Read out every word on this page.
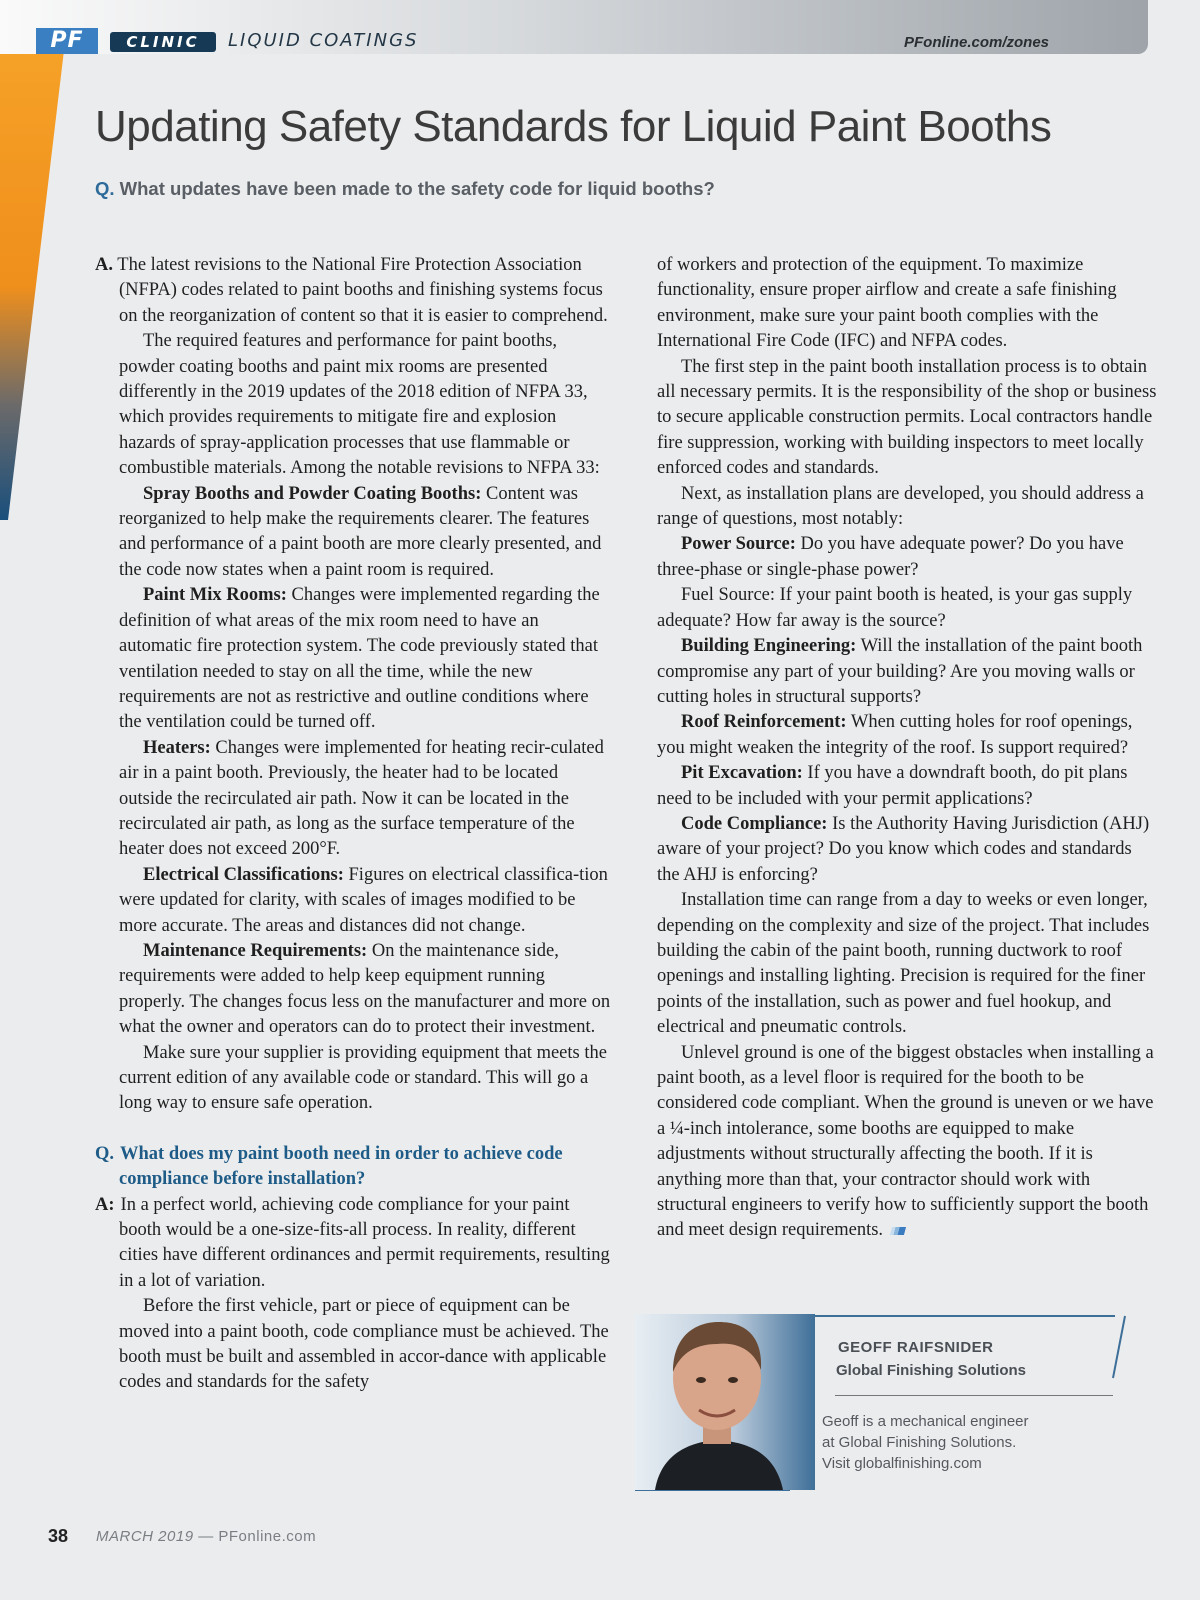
PF	CLINIC	LIQUID COATINGS	PFonline.com/zones
Updating Safety Standards for Liquid Paint Booths
Q. What updates have been made to the safety code for liquid booths?

A. The latest revisions to the National Fire Protection Association (NFPA) codes related to paint booths and finishing systems focus on the reorganization of content so that it is easier to comprehend.

The required features and performance for paint booths, powder coating booths and paint mix rooms are presented differently in the 2019 updates of the 2018 edition of NFPA 33, which provides requirements to mitigate fire and explosion hazards of spray-application processes that use flammable or combustible materials. Among the notable revisions to NFPA 33:

Spray Booths and Powder Coating Booths: Content was reorganized to help make the requirements clearer. The features and performance of a paint booth are more clearly presented, and the code now states when a paint room is required.

Paint Mix Rooms: Changes were implemented regarding the definition of what areas of the mix room need to have an automatic fire protection system. The code previously stated that ventilation needed to stay on all the time, while the new requirements are not as restrictive and outline conditions where the ventilation could be turned off.

Heaters: Changes were implemented for heating recir-culated air in a paint booth. Previously, the heater had to be located outside the recirculated air path. Now it can be located in the recirculated air path, as long as the surface temperature of the heater does not exceed 200°F.

Electrical Classifications: Figures on electrical classifica-tion were updated for clarity, with scales of images modified to be more accurate. The areas and distances did not change.

Maintenance Requirements: On the maintenance side, requirements were added to help keep equipment running properly. The changes focus less on the manufacturer and more on what the owner and operators can do to protect their investment.

Make sure your supplier is providing equipment that meets the current edition of any available code or standard. This will go a long way to ensure safe operation.

Q. What does my paint booth need in order to achieve code compliance before installation?

A: In a perfect world, achieving code compliance for your paint booth would be a one-size-fits-all process. In reality, different cities have different ordinances and permit requirements, resulting in a lot of variation.

Before the first vehicle, part or piece of equipment can be moved into a paint booth, code compliance must be achieved. The booth must be built and assembled in accor-dance with applicable codes and standards for the safety

of workers and protection of the equipment. To maximize functionality, ensure proper airflow and create a safe finishing environment, make sure your paint booth complies with the International Fire Code (IFC) and NFPA codes.

The first step in the paint booth installation process is to obtain all necessary permits. It is the responsibility of the shop or business to secure applicable construction permits. Local contractors handle fire suppression, working with building inspectors to meet locally enforced codes and standards.

Next, as installation plans are developed, you should address a range of questions, most notably:

Power Source: Do you have adequate power? Do you have three-phase or single-phase power?

Fuel Source: If your paint booth is heated, is your gas supply adequate? How far away is the source?

Building Engineering: Will the installation of the paint booth compromise any part of your building? Are you moving walls or cutting holes in structural supports?

Roof Reinforcement: When cutting holes for roof openings, you might weaken the integrity of the roof. Is support required?

Pit Excavation: If you have a downdraft booth, do pit plans need to be included with your permit applications?

Code Compliance: Is the Authority Having Jurisdiction (AHJ) aware of your project? Do you know which codes and standards the AHJ is enforcing?

Installation time can range from a day to weeks or even longer, depending on the complexity and size of the project. That includes building the cabin of the paint booth, running ductwork to roof openings and installing lighting. Precision is required for the finer points of the installation, such as power and fuel hookup, and electrical and pneumatic controls.

Unlevel ground is one of the biggest obstacles when installing a paint booth, as a level floor is required for the booth to be considered code compliant. When the ground is uneven or we have a ¼-inch intolerance, some booths are equipped to make adjustments without structurally affecting the booth. If it is anything more than that, your contractor should work with structural engineers to verify how to sufficiently support the booth and meet design requirements.

GEOFF RAIFSNIDER
Global Finishing Solutions
Geoff is a mechanical engineer
at Global Finishing Solutions.
Visit globalfinishing.com
38 MARCH 2019 — PFonline.com
